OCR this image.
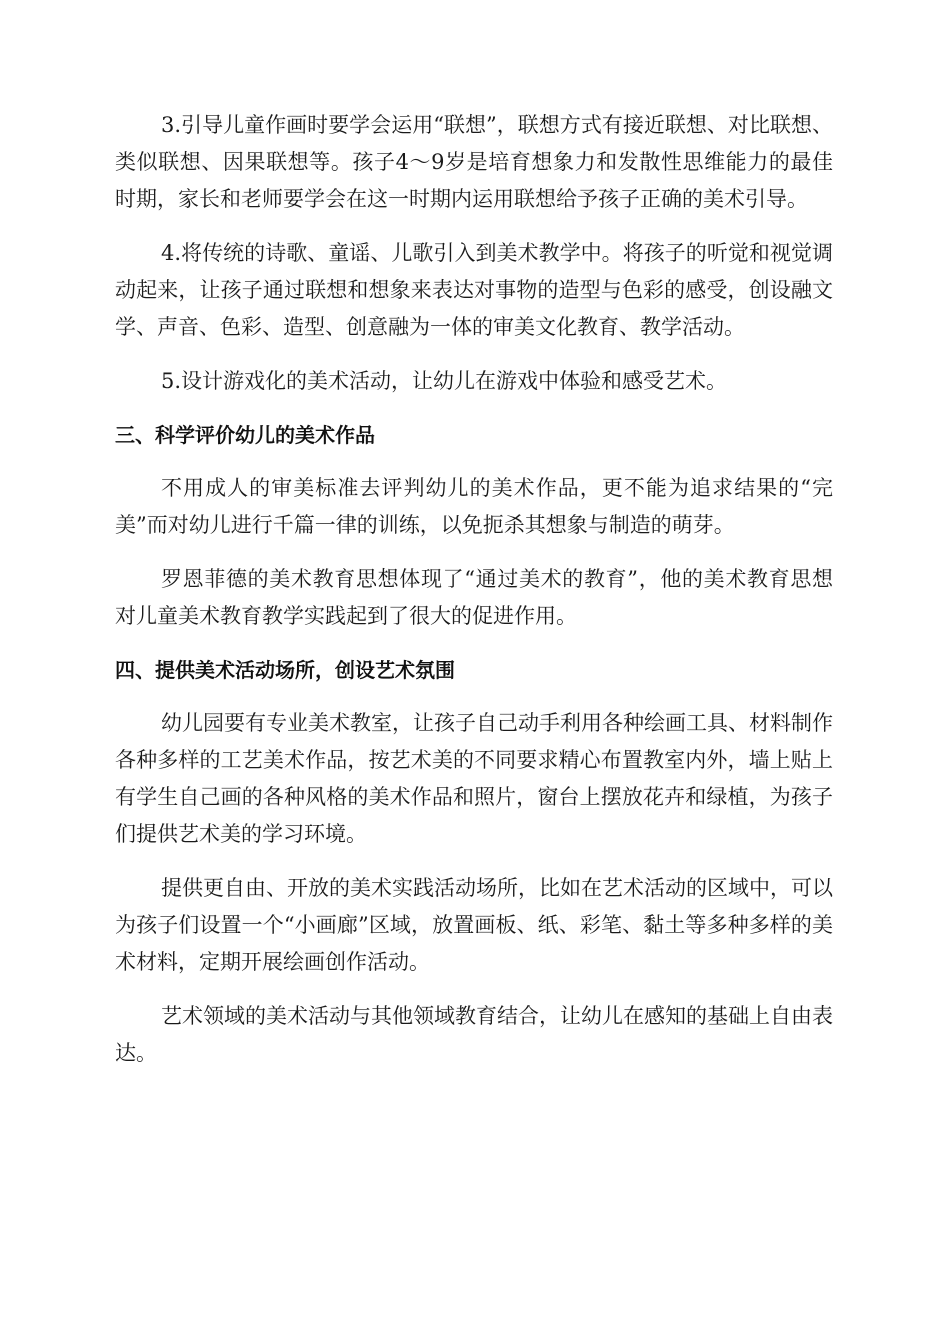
3.引导儿童作画时要学会运用“联想”，联想方式有接近联想、对比联想、类似联想、因果联想等。孩子4～9岁是培育想象力和发散性思维能力的最佳时期，家长和老师要学会在这一时期内运用联想给予孩子正确的美术引导。

4.将传统的诗歌、童谣、儿歌引入到美术教学中。将孩子的听觉和视觉调动起来，让孩子通过联想和想象来表达对事物的造型与色彩的感受，创设融文学、声音、色彩、造型、创意融为一体的审美文化教育、教学活动。

5.设计游戏化的美术活动，让幼儿在游戏中体验和感受艺术。

三、科学评价幼儿的美术作品

不用成人的审美标准去评判幼儿的美术作品，更不能为追求结果的“完美”而对幼儿进行千篇一律的训练，以免扼杀其想象与制造的萌芽。

罗恩菲德的美术教育思想体现了“通过美术的教育”，他的美术教育思想对儿童美术教育教学实践起到了很大的促进作用。

四、提供美术活动场所，创设艺术氛围

幼儿园要有专业美术教室，让孩子自己动手利用各种绘画工具、材料制作各种多样的工艺美术作品，按艺术美的不同要求精心布置教室内外，墙上贴上有学生自己画的各种风格的美术作品和照片，窗台上摆放花卉和绿植，为孩子们提供艺术美的学习环境。

提供更自由、开放的美术实践活动场所，比如在艺术活动的区域中，可以为孩子们设置一个“小画廊”区域，放置画板、纸、彩笔、黏土等多种多样的美术材料，定期开展绘画创作活动。

艺术领域的美术活动与其他领域教育结合，让幼儿在感知的基础上自由表达。
